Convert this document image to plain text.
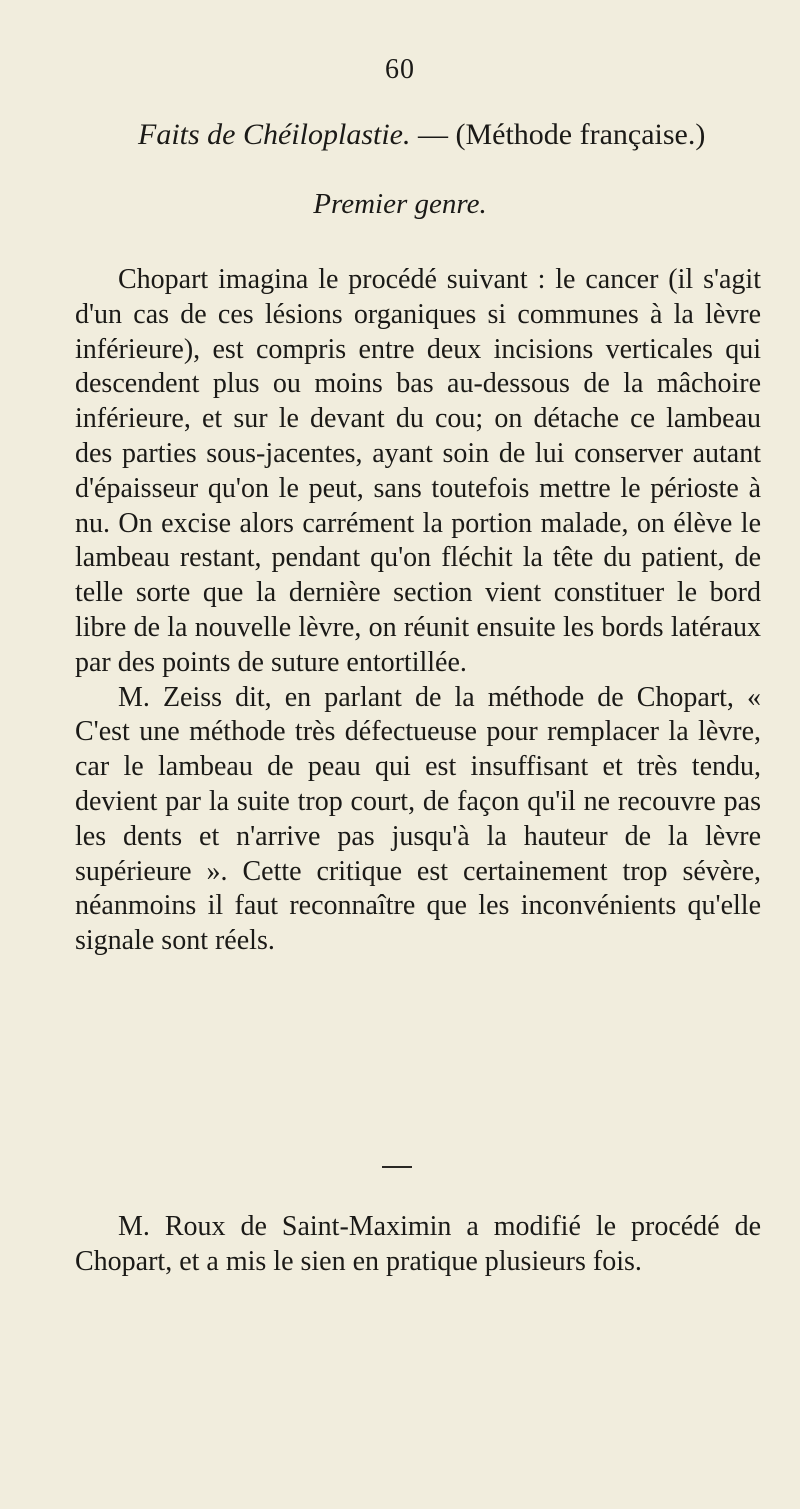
60
Faits de Chéiloplastie. — (Méthode française.)
Premier genre.

Chopart imagina le procédé suivant : le cancer (il s'agit d'un cas de ces lésions organiques si communes à la lèvre inférieure), est compris entre deux incisions verticales qui descendent plus ou moins bas au-dessous de la mâchoire inférieure, et sur le devant du cou; on détache ce lambeau des parties sous-jacentes, ayant soin de lui conserver autant d'épaisseur qu'on le peut, sans toutefois mettre le périoste à nu. On excise alors carrément la portion malade, on élève le lambeau restant, pendant qu'on fléchit la tête du patient, de telle sorte que la dernière section vient constituer le bord libre de la nouvelle lèvre, on réunit ensuite les bords latéraux par des points de suture entortillée.

M. Zeiss dit, en parlant de la méthode de Chopart, « C'est une méthode très défectueuse pour remplacer la lèvre, car le lambeau de peau qui est insuffisant et très tendu, devient par la suite trop court, de façon qu'il ne recouvre pas les dents et n'arrive pas jusqu'à la hauteur de la lèvre supérieure ». Cette critique est certainement trop sévère, néanmoins il faut reconnaître que les inconvénients qu'elle signale sont réels.

M. Roux de Saint-Maximin a modifié le procédé de Chopart, et a mis le sien en pratique plusieurs fois.
